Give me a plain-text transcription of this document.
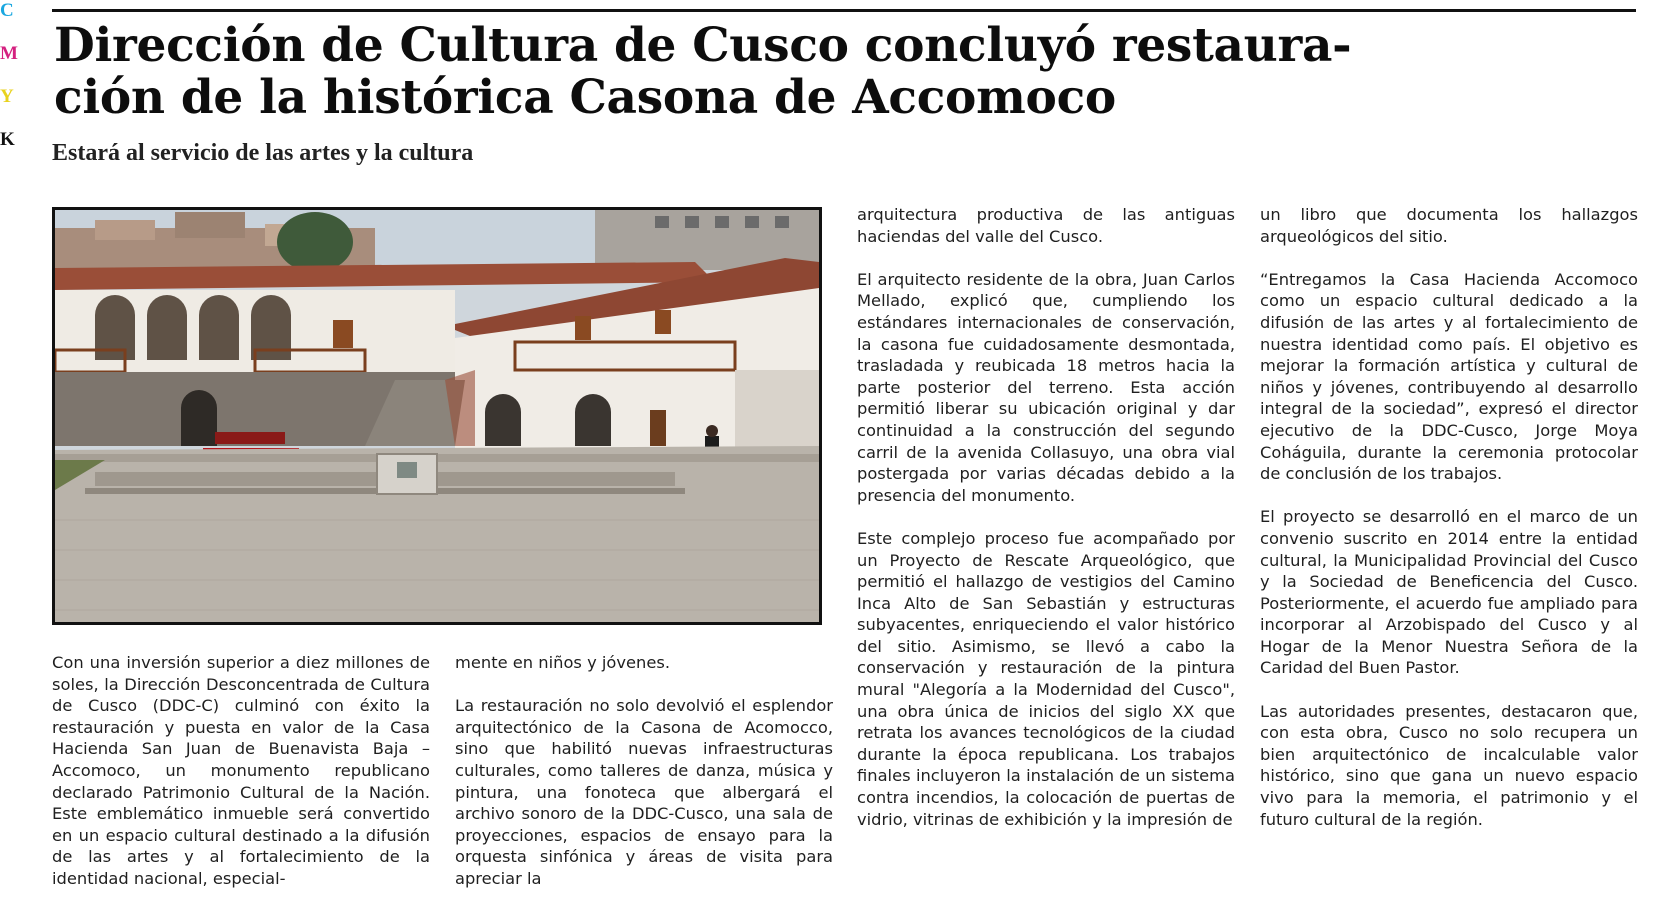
C
M
Y
K
Dirección de Cultura de Cusco concluyó restaura-
ción de la histórica Casona de Accomoco
Estará al servicio de las artes y la cultura

Con una inversión superior a diez millones de soles, la Dirección Desconcentrada de Cultura de Cusco (DDC-C) culminó con éxito la restauración y puesta en valor de la Casa Hacienda San Juan de Buenavista Baja – Accomoco, un monumento republicano declarado Patrimonio Cultural de la Nación. Este emblemático inmueble será convertido en un espacio cultural destinado a la difusión de las artes y al fortalecimiento de la identidad nacional, especial-

mente en niños y jóvenes.

La restauración no solo devolvió el esplendor arquitectónico de la Casona de Acomocco, sino que habilitó nuevas infraestructuras culturales, como talleres de danza, música y pintura, una fonoteca que albergará el archivo sonoro de la DDC-Cusco, una sala de proyecciones, espacios de ensayo para la orquesta sinfónica y áreas de visita para apreciar la

arquitectura productiva de las antiguas haciendas del valle del Cusco.

El arquitecto residente de la obra, Juan Carlos Mellado, explicó que, cumpliendo los estándares internacionales de conservación, la casona fue cuidadosamente desmontada, trasladada y reubicada 18 metros hacia la parte posterior del terreno. Esta acción permitió liberar su ubicación original y dar continuidad a la construcción del segundo carril de la avenida Collasuyo, una obra vial postergada por varias décadas debido a la presencia del monumento.

Este complejo proceso fue acompañado por un Proyecto de Rescate Arqueológico, que permitió el hallazgo de vestigios del Camino Inca Alto de San Sebastián y estructuras subyacentes, enriqueciendo el valor histórico del sitio. Asimismo, se llevó a cabo la conservación y restauración de la pintura mural "Alegoría a la Modernidad del Cusco", una obra única de inicios del siglo XX que retrata los avances tecnológicos de la ciudad durante la época republicana. Los trabajos finales incluyeron la instalación de un sistema contra incendios, la colocación de puertas de vidrio, vitrinas de exhibición y la impresión de

un libro que documenta los hallazgos arqueológicos del sitio.

“Entregamos la Casa Hacienda Accomoco como un espacio cultural dedicado a la difusión de las artes y al fortalecimiento de nuestra identidad como país. El objetivo es mejorar la formación artística y cultural de niños y jóvenes, contribuyendo al desarrollo integral de la sociedad”, expresó el director ejecutivo de la DDC-Cusco, Jorge Moya Coháguila, durante la ceremonia protocolar de conclusión de los trabajos.

El proyecto se desarrolló en el marco de un convenio suscrito en 2014 entre la entidad cultural, la Municipalidad Provincial del Cusco y la Sociedad de Beneficencia del Cusco. Posteriormente, el acuerdo fue ampliado para incorporar al Arzobispado del Cusco y al Hogar de la Menor Nuestra Señora de la Caridad del Buen Pastor.

Las autoridades presentes, destacaron que, con esta obra, Cusco no solo recupera un bien arquitectónico de incalculable valor histórico, sino que gana un nuevo espacio vivo para la memoria, el patrimonio y el futuro cultural de la región.
